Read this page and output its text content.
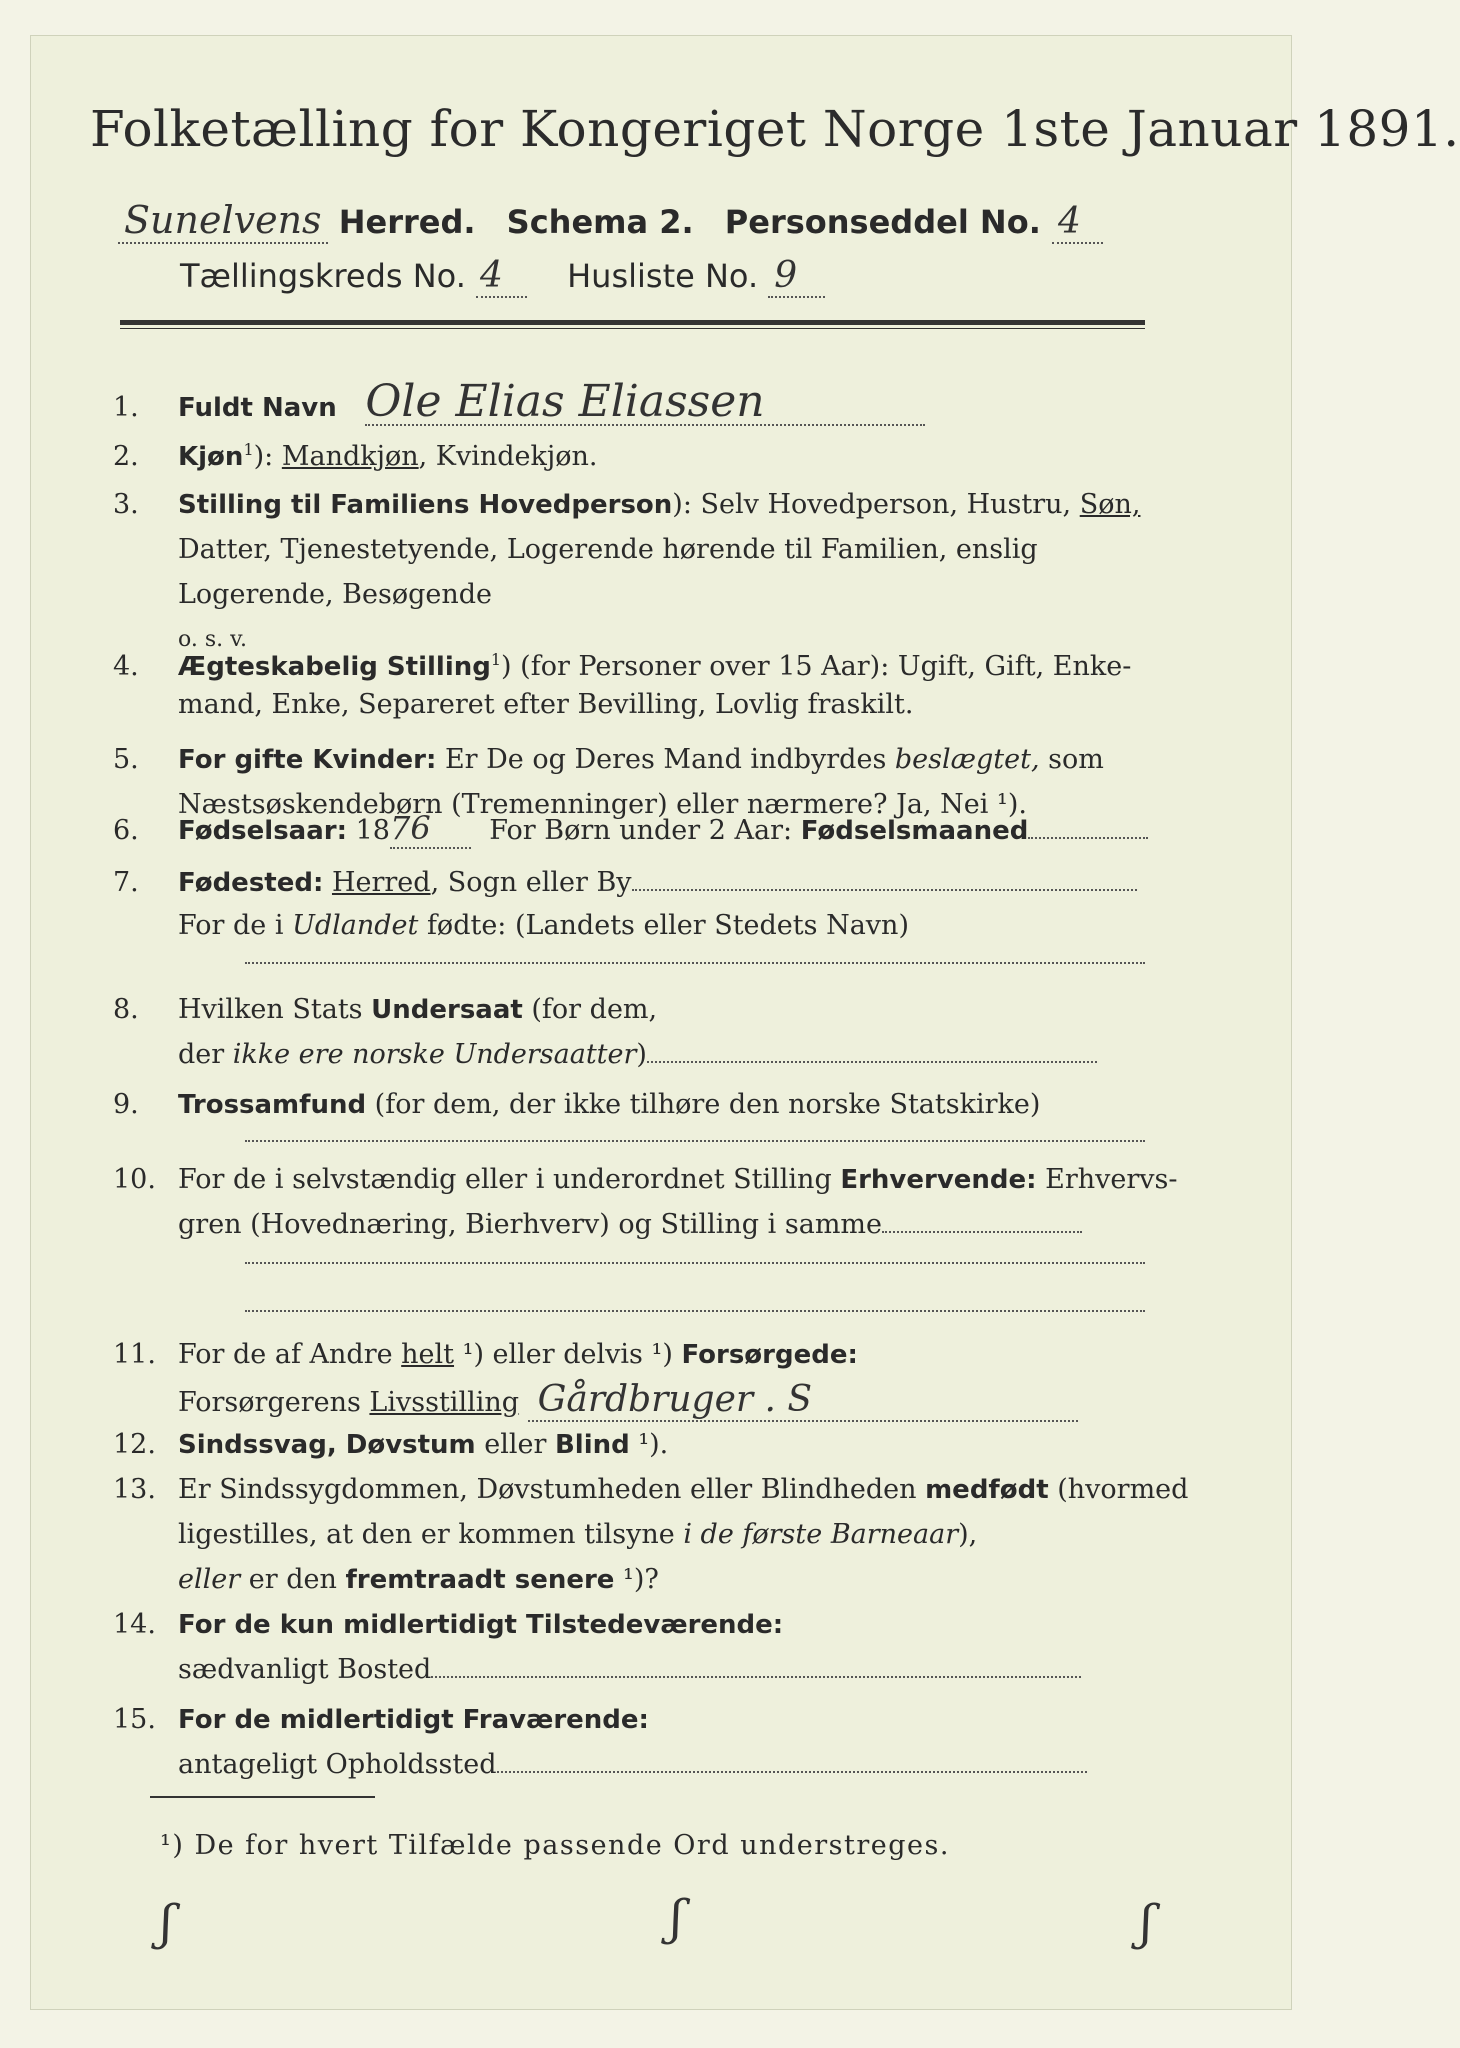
Folketælling for Kongeriget Norge 1ste Januar 1891.
Sunelvens Herred. Schema 2. Personseddel No. 4
Tællingskreds No. 4 Husliste No. 9
1. Fuldt Navn Ole Elias Eliassen
2. Kjøn$^1$): Mandkjøn, Kvindekjøn.
3. Stilling til Familiens Hovedperson): Selv Hovedperson, Hustru, Søn,
Datter, Tjenestetyende, Logerende hørende til Familien, enslig
Logerende, Besøgende
o. s. v.
4. Ægteskabelig Stilling$^1$) (for Personer over 15 Aar): Ugift, Gift, Enke-
mand, Enke, Separeret efter Bevilling, Lovlig fraskilt.
5. For gifte Kvinder: Er De og Deres Mand indbyrdes beslægtet, som
Næstsøskendebørn (Tremenninger) eller nærmere? Ja, Nei ¹).
6. Fødselsaar: 1876 For Børn under 2 Aar: Fødselsmaaned
7. Fødested: Herred, Sogn eller By
For de i Udlandet fødte: (Landets eller Stedets Navn)
8. Hvilken Stats Undersaat (for dem,
der ikke ere norske Undersaatter)
9. Trossamfund (for dem, der ikke tilhøre den norske Statskirke)
10. For de i selvstændig eller i underordnet Stilling Erhvervende: Erhvervs-
gren (Hovednæring, Bierhverv) og Stilling i samme
11. For de af Andre helt ¹) eller delvis ¹) Forsørgede:
Forsørgerens Livsstilling Gårdbruger . S
12. Sindssvag, Døvstum eller Blind ¹).
13. Er Sindssygdommen, Døvstumheden eller Blindheden medfødt (hvormed
ligestilles, at den er kommen tilsyne i de første Barneaar),
eller er den fremtraadt senere ¹)?
14. For de kun midlertidigt Tilstedeværende:
sædvanligt Bosted
15. For de midlertidigt Fraværende:
antageligt Opholdssted
¹) De for hvert Tilfælde passende Ord understreges.
ʃ	ʃ	ʃ
